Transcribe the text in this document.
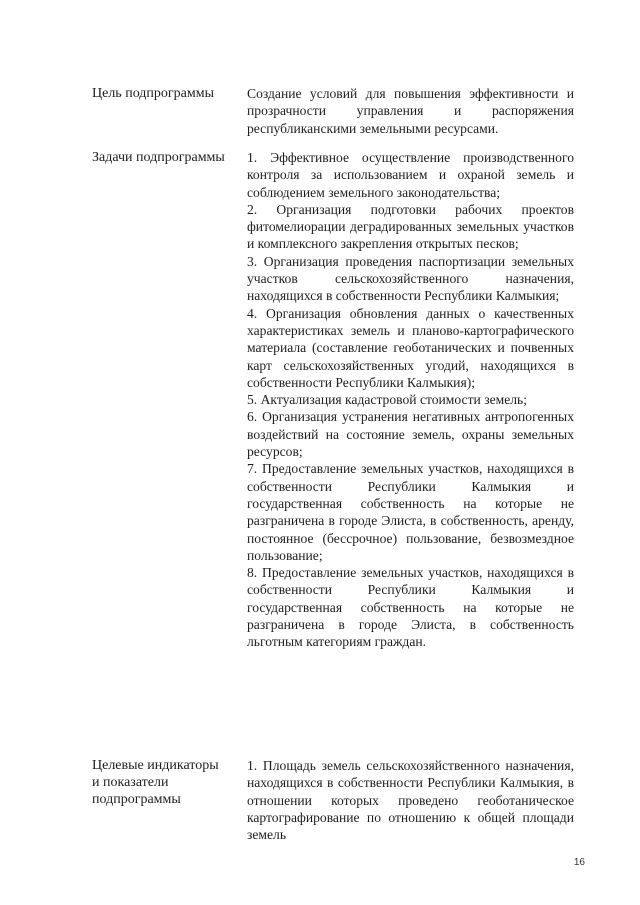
Цель подпрограммы	Создание условий для повышения эффективности и прозрачности управления и распоряжения республиканскими земельными ресурсами.

Задачи подпрограммы	1. Эффективное осуществление производственного контроля за использованием и охраной земель и соблюдением земельного законодательства;

2. Организация подготовки рабочих проектов фитомелиорации деградированных земельных участков и комплексного закрепления открытых песков;

3. Организация проведения паспортизации земельных участков сельскохозяйственного назначения, находящихся в собственности Республики Калмыкия;

4. Организация обновления данных о качественных характеристиках земель и планово-картографического материала (составление геоботанических и почвенных карт сельскохозяйственных угодий, находящихся в собственности Республики Калмыкия);

5. Актуализация кадастровой стоимости земель;

6. Организация устранения негативных антропогенных воздействий на состояние земель, охраны земельных ресурсов;

7. Предоставление земельных участков, находящихся в собственности Республики Калмыкия и государственная собственность на которые не разграничена в городе Элиста, в собственность, аренду, постоянное (бессрочное) пользование, безвозмездное пользование;

8. Предоставление земельных участков, находящихся в собственности Республики Калмыкия и государственная собственность на которые не разграничена в городе Элиста, в собственность льготным категориям граждан.

Целевые индикаторы
и показатели
подпрограммы

1. Площадь земель сельскохозяйственного назначения, находящихся в собственности Республики Калмыкия, в отношении которых проведено геоботаническое картографирование по отношению к общей площади земель

16
